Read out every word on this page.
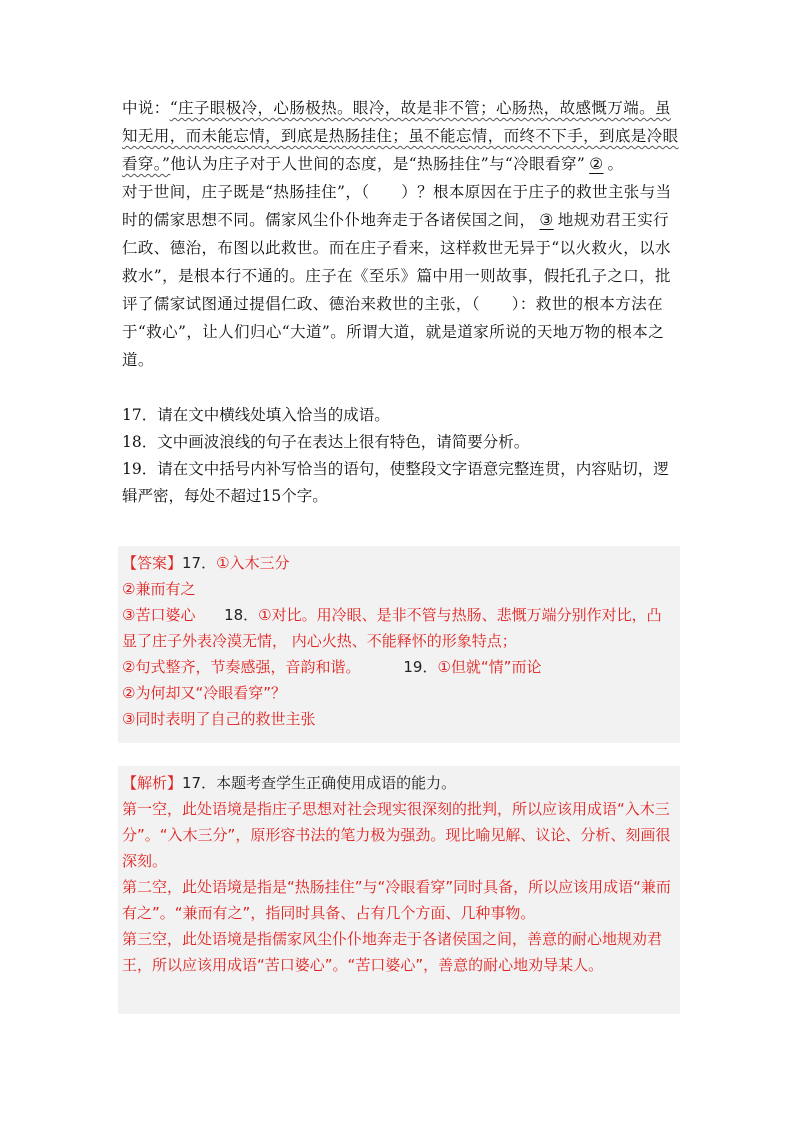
中说：“庄子眼极冷，心肠极热。眼冷，故是非不管；心肠热，故感慨万端。虽知无用，而未能忘情，到底是热肠挂住；虽不能忘情，而终不下手，到底是冷眼看穿。”他认为庄子对于人世间的态度，是“热肠挂住”与“冷眼看穿” ② 。

对于世间，庄子既是“热肠挂住”，（　　）？根本原因在于庄子的救世主张与当时的儒家思想不同。儒家风尘仆仆地奔走于各诸侯国之间， ③ 地规劝君王实行仁政、德治，布图以此救世。而在庄子看来，这样救世无异于“以火救火，以水救水”，是根本行不通的。庄子在《至乐》篇中用一则故事，假托孔子之口，批评了儒家试图通过提倡仁政、德治来救世的主张，（　　）：救世的根本方法在于“救心”，让人们归心“大道”。所谓大道，就是道家所说的天地万物的根本之道。

17．请在文中横线处填入恰当的成语。

18．文中画波浪线的句子在表达上很有特色，请简要分析。

19．请在文中括号内补写恰当的语句，使整段文字语意完整连贯，内容贴切，逻辑严密，每处不超过15个字。

【答案】17．①入木三分

②兼而有之

③苦口婆心 18．①对比。用冷眼、是非不管与热肠、悲慨万端分别作对比，凸显了庄子外表冷漠无情， 内心火热、不能释怀的形象特点；

②句式整齐，节奏感强，音韵和谐。	19．①但就“情”而论

②为何却又“冷眼看穿”？

③同时表明了自己的救世主张

【解析】17．本题考查学生正确使用成语的能力。

第一空，此处语境是指庄子思想对社会现实很深刻的批判，所以应该用成语“入木三分”。“入木三分”，原形容书法的笔力极为强劲。现比喻见解、议论、分析、刻画很深刻。

第二空，此处语境是指是“热肠挂住”与“冷眼看穿”同时具备，所以应该用成语“兼而有之”。“兼而有之”，指同时具备、占有几个方面、几种事物。

第三空，此处语境是指儒家风尘仆仆地奔走于各诸侯国之间，善意的耐心地规劝君王，所以应该用成语“苦口婆心”。“苦口婆心”，善意的耐心地劝导某人。
